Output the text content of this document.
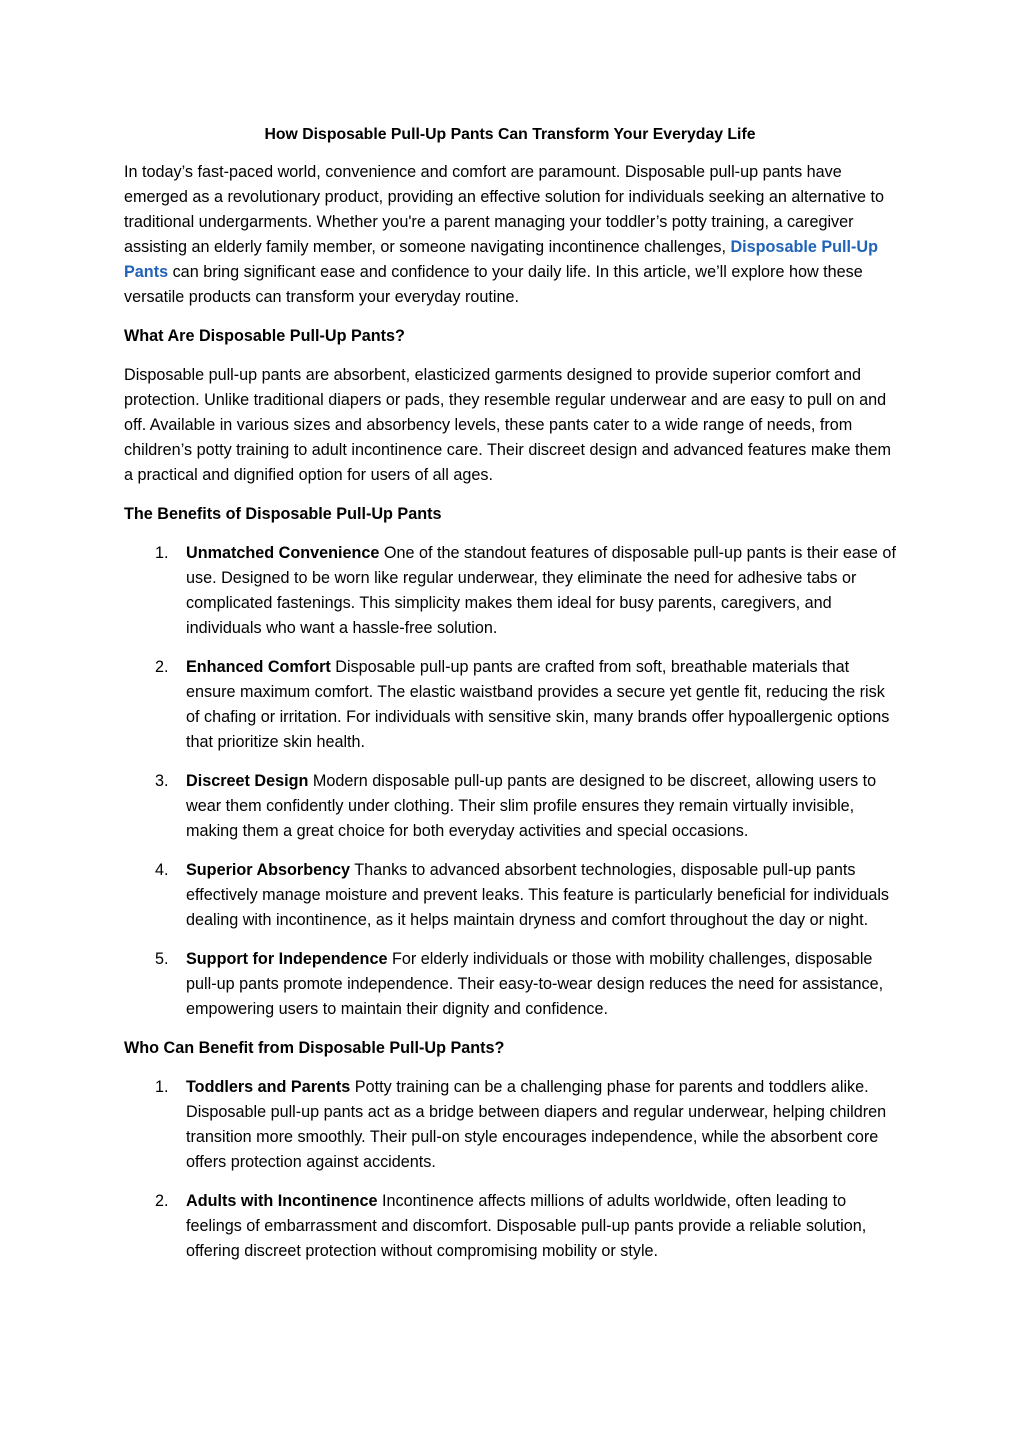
How Disposable Pull-Up Pants Can Transform Your Everyday Life

In today’s fast-paced world, convenience and comfort are paramount. Disposable pull-up pants have emerged as a revolutionary product, providing an effective solution for individuals seeking an alternative to traditional undergarments. Whether you're a parent managing your toddler’s potty training, a caregiver assisting an elderly family member, or someone navigating incontinence challenges, Disposable Pull-Up Pants can bring significant ease and confidence to your daily life. In this article, we’ll explore how these versatile products can transform your everyday routine.

What Are Disposable Pull-Up Pants?

Disposable pull-up pants are absorbent, elasticized garments designed to provide superior comfort and protection. Unlike traditional diapers or pads, they resemble regular underwear and are easy to pull on and off. Available in various sizes and absorbency levels, these pants cater to a wide range of needs, from children’s potty training to adult incontinence care. Their discreet design and advanced features make them a practical and dignified option for users of all ages.

The Benefits of Disposable Pull-Up Pants
1. Unmatched Convenience One of the standout features of disposable pull-up pants is their ease of use. Designed to be worn like regular underwear, they eliminate the need for adhesive tabs or complicated fastenings. This simplicity makes them ideal for busy parents, caregivers, and individuals who want a hassle-free solution.
2. Enhanced Comfort Disposable pull-up pants are crafted from soft, breathable materials that ensure maximum comfort. The elastic waistband provides a secure yet gentle fit, reducing the risk of chafing or irritation. For individuals with sensitive skin, many brands offer hypoallergenic options that prioritize skin health.
3. Discreet Design Modern disposable pull-up pants are designed to be discreet, allowing users to wear them confidently under clothing. Their slim profile ensures they remain virtually invisible, making them a great choice for both everyday activities and special occasions.
4. Superior Absorbency Thanks to advanced absorbent technologies, disposable pull-up pants effectively manage moisture and prevent leaks. This feature is particularly beneficial for individuals dealing with incontinence, as it helps maintain dryness and comfort throughout the day or night.
5. Support for Independence For elderly individuals or those with mobility challenges, disposable pull-up pants promote independence. Their easy-to-wear design reduces the need for assistance, empowering users to maintain their dignity and confidence.
Who Can Benefit from Disposable Pull-Up Pants?
1. Toddlers and Parents Potty training can be a challenging phase for parents and toddlers alike. Disposable pull-up pants act as a bridge between diapers and regular underwear, helping children transition more smoothly. Their pull-on style encourages independence, while the absorbent core offers protection against accidents.
2. Adults with Incontinence Incontinence affects millions of adults worldwide, often leading to feelings of embarrassment and discomfort. Disposable pull-up pants provide a reliable solution, offering discreet protection without compromising mobility or style.
